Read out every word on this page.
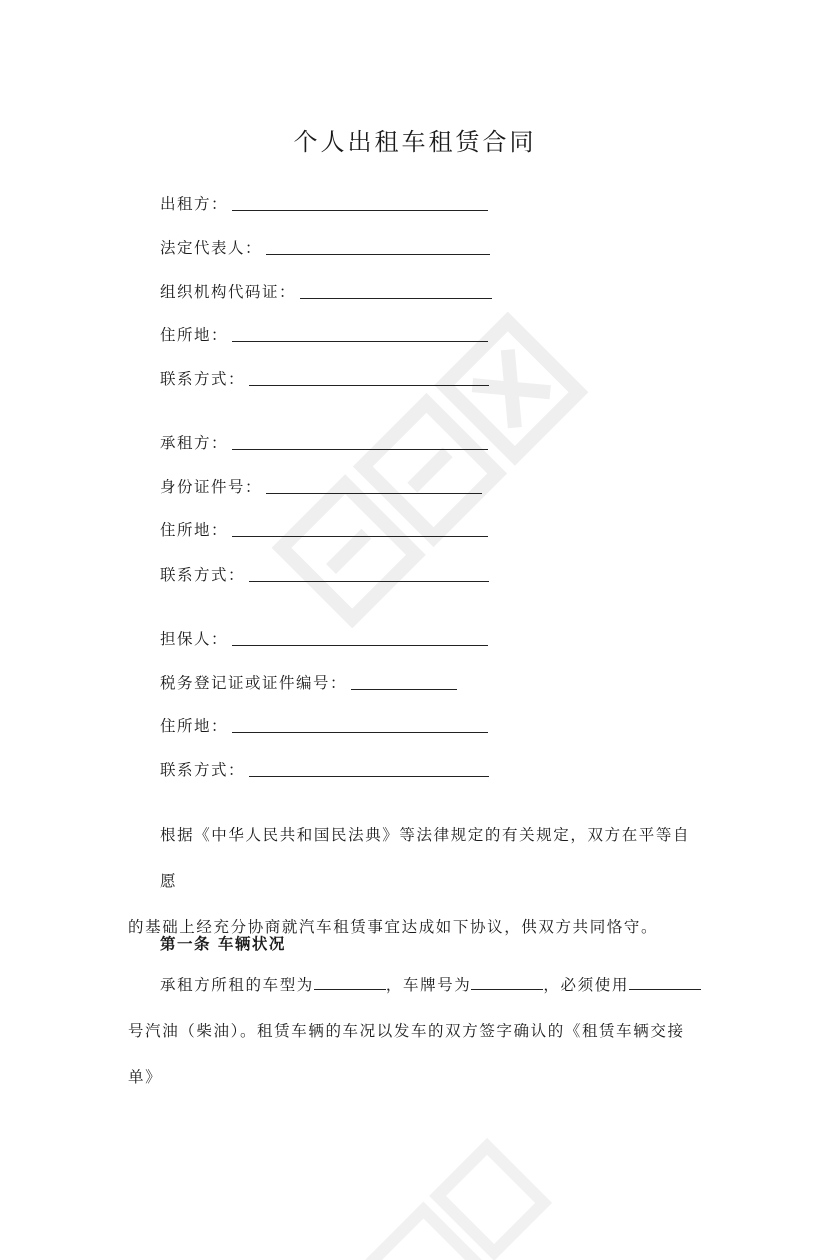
个人出租车租赁合同
出租方：
法定代表人：
组织机构代码证：
住所地：
联系方式：
承租方：
身份证件号：
住所地：
联系方式：
担保人：
税务登记证或证件编号：
住所地：
联系方式：
根据《中华人民共和国民法典》等法律规定的有关规定，双方在平等自愿
的基础上经充分协商就汽车租赁事宜达成如下协议，供双方共同恪守。
第一条 车辆状况
承租方所租的车型为	，车牌号为	，必须使用
号汽油（柴油）。租赁车辆的车况以发车的双方签字确认的《租赁车辆交接单》
